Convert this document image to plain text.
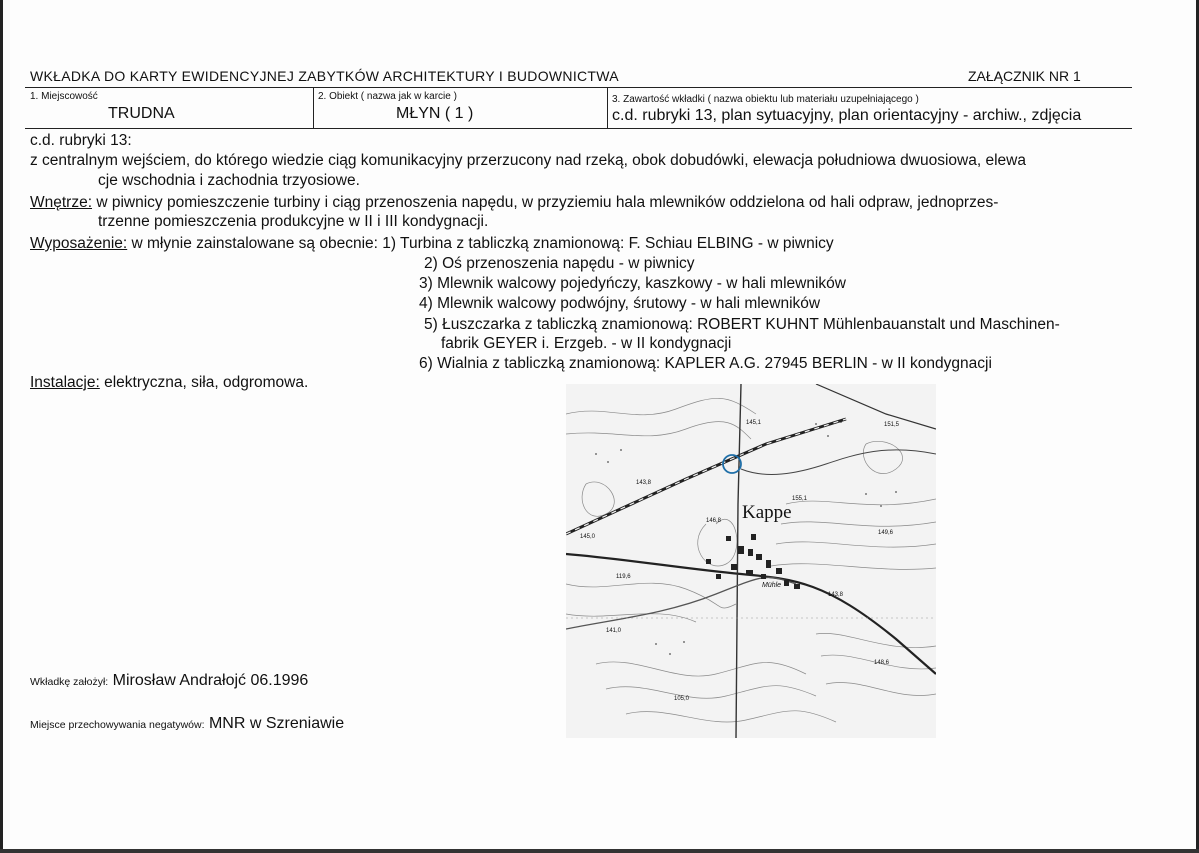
WKŁADKA DO KARTY EWIDENCYJNEJ ZABYTKÓW ARCHITEKTURY I BUDOWNICTWA	ZAŁĄCZNIK NR 1
1. Miejscowość
TRUDNA
2. Obiekt ( nazwa jak w karcie )
MŁYN ( 1 )
3. Zawartość wkładki ( nazwa obiektu lub materiału uzupełniającego )
c.d. rubryki 13, plan sytuacyjny, plan orientacyjny - archiw., zdjęcia
c.d. rubryki 13:
z centralnym wejściem, do którego wiedzie ciąg komunikacyjny przerzucony nad rzeką, obok dobudówki, elewacja południowa dwuosiowa, elewa
cje wschodnia i zachodnia trzyosiowe.
Wnętrze: w piwnicy pomieszczenie turbiny i ciąg przenoszenia napędu, w przyziemiu hala mlewników oddzielona od hali odpraw, jednoprzes-
trzenne pomieszczenia produkcyjne w II i III kondygnacji.
Wyposażenie: w młynie zainstalowane są obecnie: 1) Turbina z tabliczką znamionową: F. Schiau ELBING - w piwnicy
2) Oś przenoszenia napędu - w piwnicy
3) Mlewnik walcowy pojedyńczy, kaszkowy - w hali mlewników
4) Mlewnik walcowy podwójny, śrutowy - w hali mlewników
5) Łuszczarka z tabliczką znamionową: ROBERT KUHNT Mühlenbauanstalt und Maschinen-
fabrik GEYER i. Erzgeb. - w II kondygnacji
6) Wialnia z tabliczką znamionową: KAPLER A.G. 27945 BERLIN - w II kondygnacji
Instalacje: elektryczna, siła, odgromowa.
Kappe
Mühle
145,1	151,5
155,1
146,8
119,6
149,6
143,8
148,6
141,0
145,0
143,8
105,0
Wkładkę założył: Mirosław Andrałojć 06.1996
Miejsce przechowywania negatywów: MNR w Szreniawie
